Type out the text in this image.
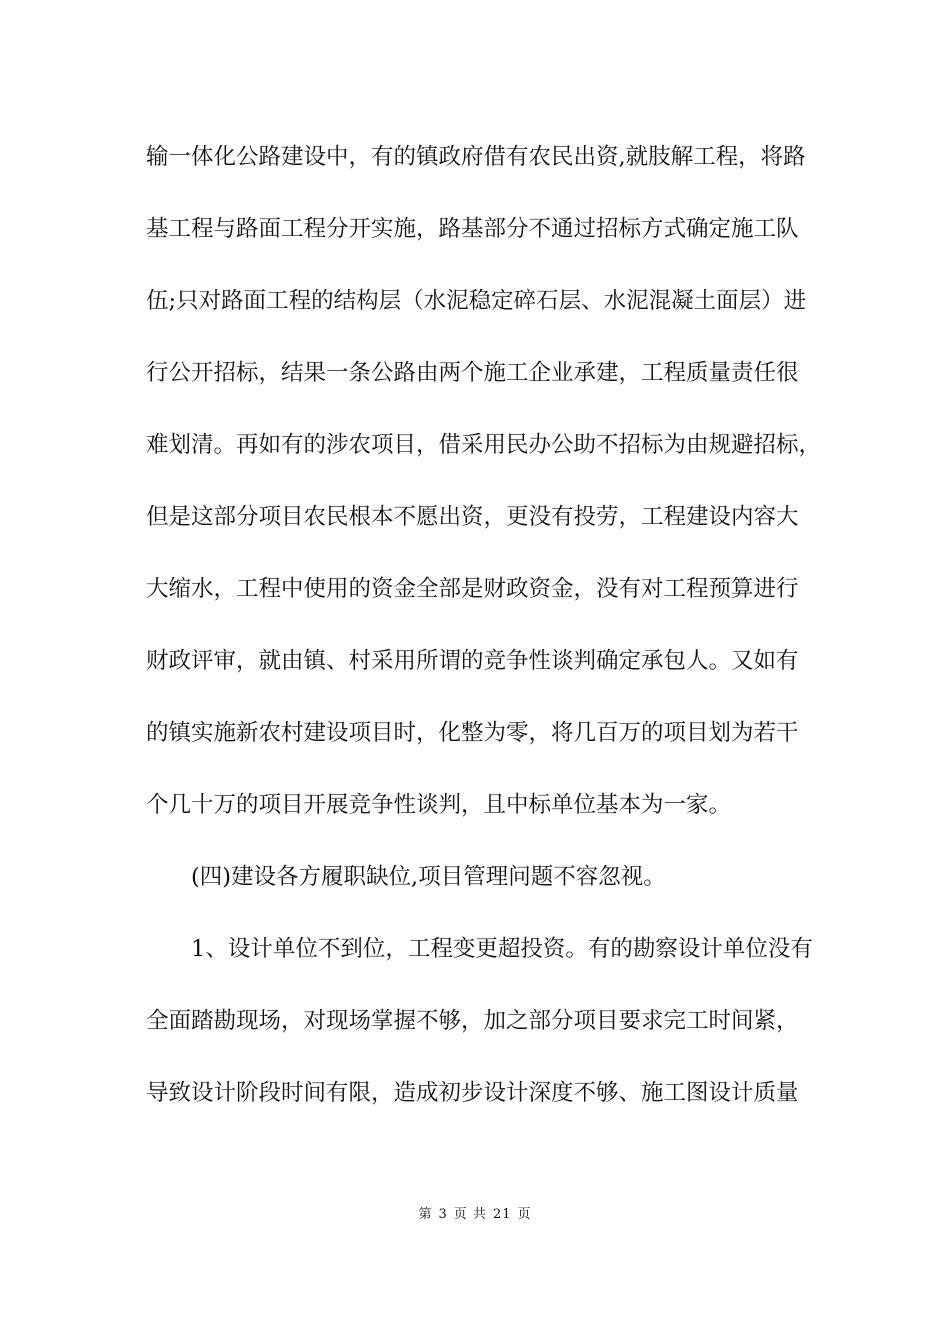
输一体化公路建设中，有的镇政府借有农民出资,就肢解工程，将路
基工程与路面工程分开实施，路基部分不通过招标方式确定施工队
伍;只对路面工程的结构层（水泥稳定碎石层、水泥混凝土面层）进
行公开招标，结果一条公路由两个施工企业承建，工程质量责任很
难划清。再如有的涉农项目，借采用民办公助不招标为由规避招标，
但是这部分项目农民根本不愿出资，更没有投劳，工程建设内容大
大缩水，工程中使用的资金全部是财政资金，没有对工程预算进行
财政评审，就由镇、村采用所谓的竞争性谈判确定承包人。又如有
的镇实施新农村建设项目时，化整为零，将几百万的项目划为若干
个几十万的项目开展竞争性谈判，且中标单位基本为一家。
(四)建设各方履职缺位,项目管理问题不容忽视。
1、设计单位不到位，工程变更超投资。有的勘察设计单位没有
全面踏勘现场，对现场掌握不够，加之部分项目要求完工时间紧，
导致设计阶段时间有限，造成初步设计深度不够、施工图设计质量
第 3 页 共 21 页
